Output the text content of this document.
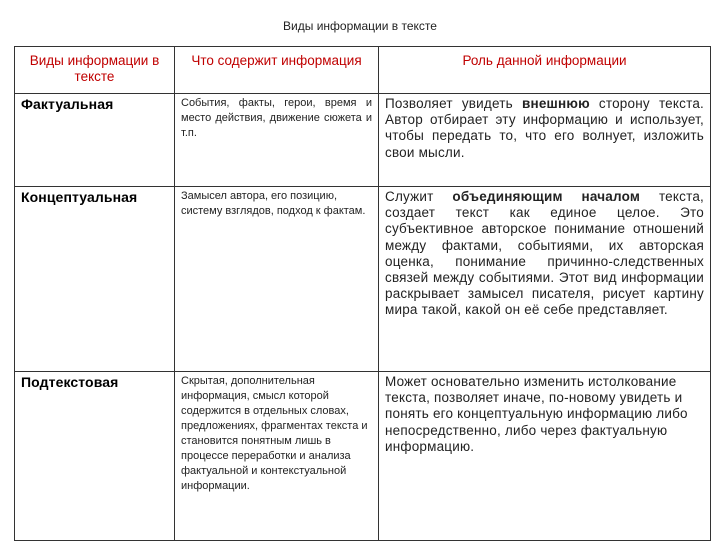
Виды информации в тексте
Виды информации в тексте	Что содержит информация	Роль данной информации
Фактуальная	События, факты, герои, время и место действия, движение сюжета и т.п.	Позволяет увидеть внешнюю сторону текста. Автор отбирает эту информацию и использует, чтобы передать то, что его волнует, изложить свои мысли.
Концептуальная	Замысел автора, его позицию, систему взглядов, подход к фактам.	Служит объединяющим началом текста, создает текст как единое целое. Это субъективное авторское понимание отношений между фактами, событиями, их авторская оценка, понимание причинно-следственных связей между событиями. Этот вид информации раскрывает замысел писателя, рисует картину мира такой, какой он её себе представляет.
Подтекстовая	Скрытая, дополнительная информация, смысл которой содержится в отдельных словах, предложениях, фрагментах текста и становится понятным лишь в процессе переработки и анализа фактуальной и контекстуальной информации.	Может основательно изменить истолкование текста, позволяет иначе, по-новому увидеть и понять его концептуальную информацию либо непосредственно, либо через фактуальную информацию.
